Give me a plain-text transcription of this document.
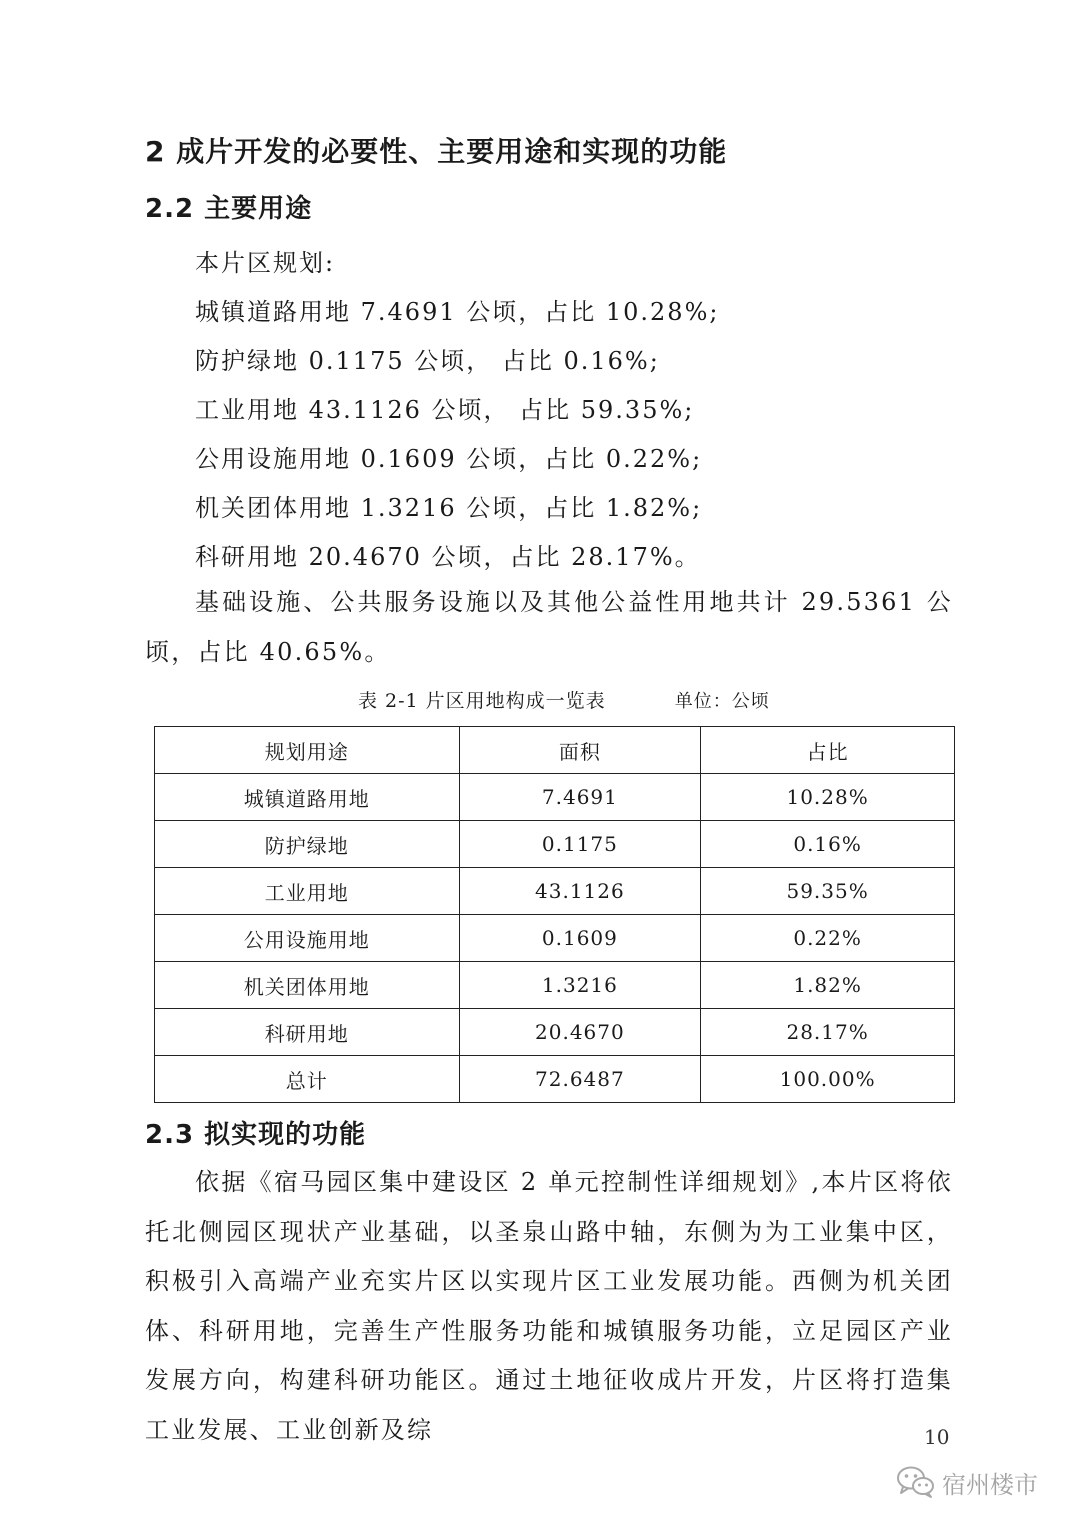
2 成片开发的必要性、主要用途和实现的功能
2.2 主要用途
本片区规划:
城镇道路用地 7.4691 公顷，占比 10.28%;
防护绿地 0.1175 公顷， 占比 0.16%;
工业用地 43.1126 公顷， 占比 59.35%;
公用设施用地 0.1609 公顷，占比 0.22%;
机关团体用地 1.3216 公顷，占比 1.82%;
科研用地 20.4670 公顷，占比 28.17%。

基础设施、公共服务设施以及其他公益性用地共计 29.5361 公顷，占比 40.65%。

表 2-1 片区用地构成一览表	单位：公顷
规划用途	面积	占比
城镇道路用地	7.4691	10.28%
防护绿地	0.1175	0.16%
工业用地	43.1126	59.35%
公用设施用地	0.1609	0.22%
机关团体用地	1.3216	1.82%
科研用地	20.4670	28.17%
总计	72.6487	100.00%
2.3 拟实现的功能

依据《宿马园区集中建设区 2 单元控制性详细规划》,本片区将依托北侧园区现状产业基础，以圣泉山路中轴，东侧为为工业集中区，积极引入高端产业充实片区以实现片区工业发展功能。西侧为机关团体、科研用地，完善生产性服务功能和城镇服务功能，立足园区产业发展方向，构建科研功能区。通过土地征收成片开发，片区将打造集工业发展、工业创新及综	10
宿州楼市
